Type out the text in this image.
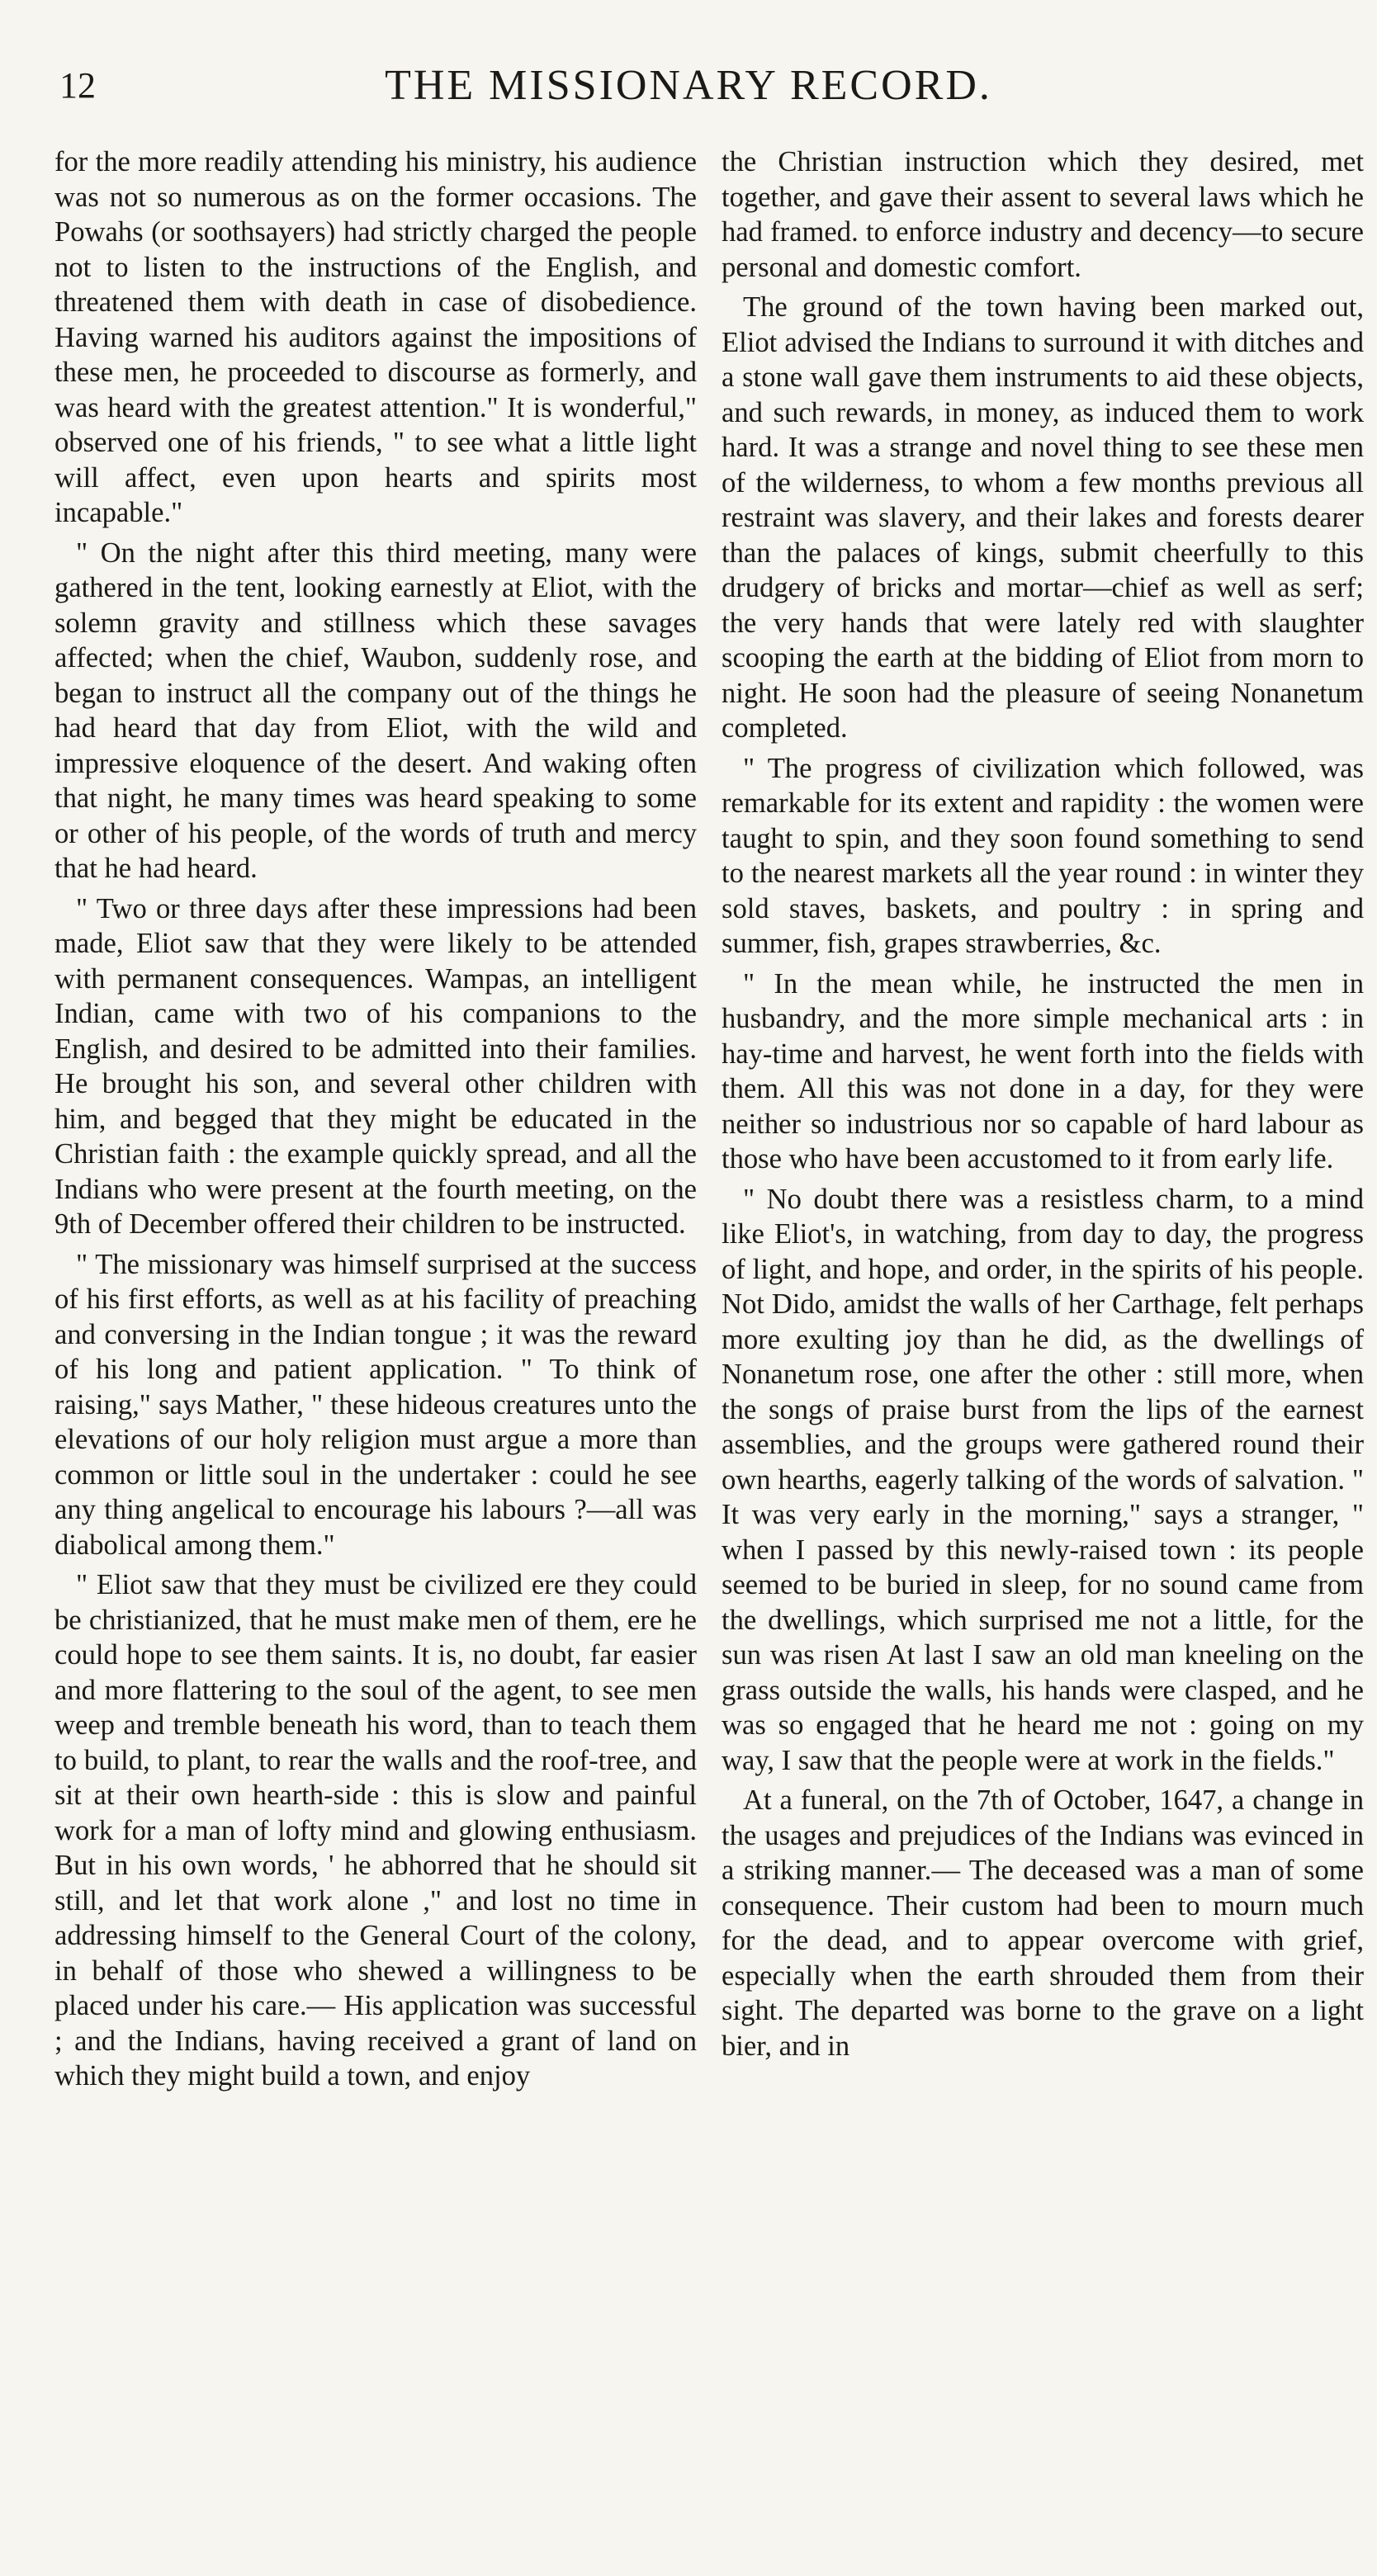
12	THE MISSIONARY RECORD.

for the more readily attending his ministry, his audience was not so numerous as on the former occasions. The Powahs (or soothsayers) had strictly charged the people not to listen to the instructions of the English, and threatened them with death in case of disobedience. Having warned his auditors against the impositions of these men, he proceeded to discourse as formerly, and was heard with the greatest attention." It is wonderful," observed one of his friends, " to see what a little light will affect, even upon hearts and spirits most incapable."

" On the night after this third meeting, many were gathered in the tent, looking earnestly at Eliot, with the solemn gravity and stillness which these savages affected; when the chief, Waubon, suddenly rose, and began to instruct all the company out of the things he had heard that day from Eliot, with the wild and impressive eloquence of the desert. And waking often that night, he many times was heard speaking to some or other of his people, of the words of truth and mercy that he had heard.

" Two or three days after these impressions had been made, Eliot saw that they were likely to be attended with permanent consequences. Wampas, an intelligent Indian, came with two of his companions to the English, and desired to be admitted into their families. He brought his son, and several other children with him, and begged that they might be educated in the Christian faith : the example quickly spread, and all the Indians who were present at the fourth meeting, on the 9th of December offered their children to be instructed.

" The missionary was himself surprised at the success of his first efforts, as well as at his facility of preaching and conversing in the Indian tongue ; it was the reward of his long and patient application. " To think of raising," says Mather, " these hideous creatures unto the elevations of our holy religion must argue a more than common or little soul in the undertaker : could he see any thing angelical to encourage his labours ?—all was diabolical among them."

" Eliot saw that they must be civilized ere they could be christianized, that he must make men of them, ere he could hope to see them saints. It is, no doubt, far easier and more flattering to the soul of the agent, to see men weep and tremble beneath his word, than to teach them to build, to plant, to rear the walls and the roof-tree, and sit at their own hearth-side : this is slow and painful work for a man of lofty mind and glowing enthusiasm. But in his own words, ' he abhorred that he should sit still, and let that work alone ," and lost no time in addressing himself to the General Court of the colony, in behalf of those who shewed a willingness to be placed under his care.— His application was successful ; and the Indians, having received a grant of land on which they might build a town, and enjoy

the Christian instruction which they desired, met together, and gave their assent to several laws which he had framed. to enforce industry and decency—to secure personal and domestic comfort.

The ground of the town having been marked out, Eliot advised the Indians to surround it with ditches and a stone wall gave them instruments to aid these objects, and such rewards, in money, as induced them to work hard. It was a strange and novel thing to see these men of the wilderness, to whom a few months previous all restraint was slavery, and their lakes and forests dearer than the palaces of kings, submit cheerfully to this drudgery of bricks and mortar—chief as well as serf; the very hands that were lately red with slaughter scooping the earth at the bidding of Eliot from morn to night. He soon had the pleasure of seeing Nonanetum completed.

" The progress of civilization which followed, was remarkable for its extent and rapidity : the women were taught to spin, and they soon found something to send to the nearest markets all the year round : in winter they sold staves, baskets, and poultry : in spring and summer, fish, grapes strawberries, &c.

" In the mean while, he instructed the men in husbandry, and the more simple mechanical arts : in hay-time and harvest, he went forth into the fields with them. All this was not done in a day, for they were neither so industrious nor so capable of hard labour as those who have been accustomed to it from early life.

" No doubt there was a resistless charm, to a mind like Eliot's, in watching, from day to day, the progress of light, and hope, and order, in the spirits of his people. Not Dido, amidst the walls of her Carthage, felt perhaps more exulting joy than he did, as the dwellings of Nonanetum rose, one after the other : still more, when the songs of praise burst from the lips of the earnest assemblies, and the groups were gathered round their own hearths, eagerly talking of the words of salvation. " It was very early in the morning," says a stranger, " when I passed by this newly-raised town : its people seemed to be buried in sleep, for no sound came from the dwellings, which surprised me not a little, for the sun was risen At last I saw an old man kneeling on the grass outside the walls, his hands were clasped, and he was so engaged that he heard me not : going on my way, I saw that the people were at work in the fields."

At a funeral, on the 7th of October, 1647, a change in the usages and prejudices of the Indians was evinced in a striking manner.— The deceased was a man of some consequence. Their custom had been to mourn much for the dead, and to appear overcome with grief, especially when the earth shrouded them from their sight. The departed was borne to the grave on a light bier, and in
